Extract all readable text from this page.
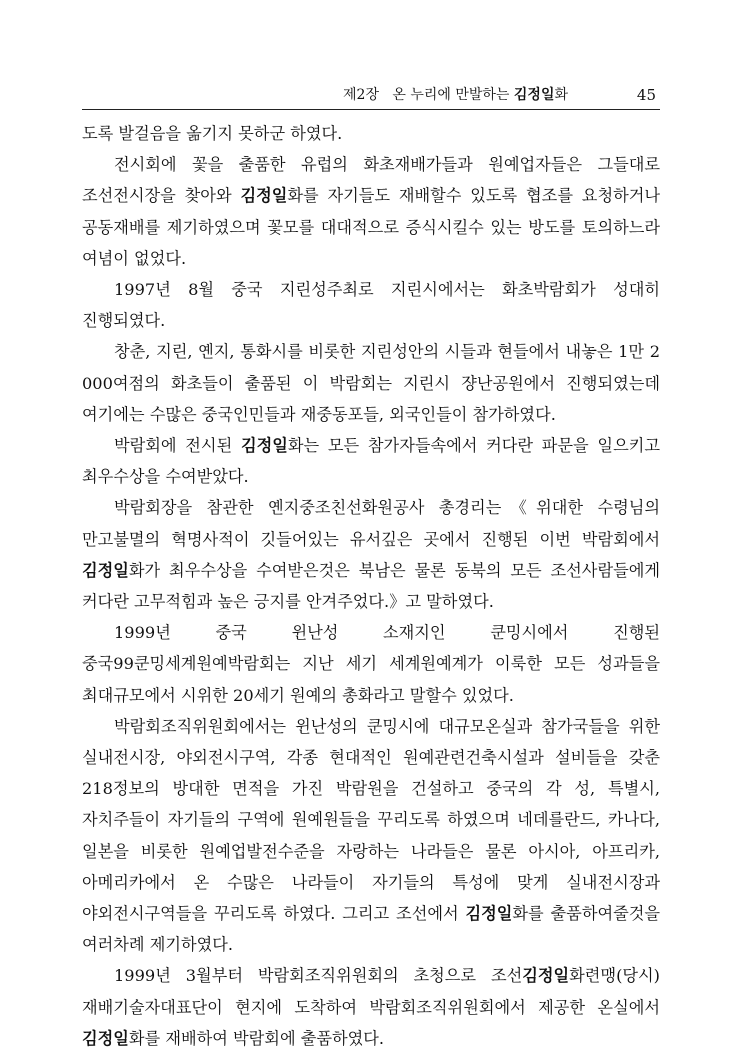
제2장 온 누리에 만발하는 김정일화	45

도록 발걸음을 옮기지 못하군 하였다.

전시회에 꽃을 출품한 유럽의 화초재배가들과 원예업자들은 그들대로 조선전시장을 찾아와 김정일화를 자기들도 재배할수 있도록 협조를 요청하거나 공동재배를 제기하였으며 꽃모를 대대적으로 증식시킬수 있는 방도를 토의하느라 여념이 없었다.

1997년 8월 중국 지린성주최로 지린시에서는 화초박람회가 성대히 진행되였다.

창춘, 지린, 옌지, 통화시를 비롯한 지린성안의 시들과 현들에서 내놓은 1만 2 000여점의 화초들이 출품된 이 박람회는 지린시 쟝난공원에서 진행되였는데 여기에는 수많은 중국인민들과 재중동포들, 외국인들이 참가하였다.

박람회에 전시된 김정일화는 모든 참가자들속에서 커다란 파문을 일으키고 최우수상을 수여받았다.

박람회장을 참관한 옌지중조친선화원공사 총경리는《위대한 수령님의 만고불멸의 혁명사적이 깃들어있는 유서깊은 곳에서 진행된 이번 박람회에서 김정일화가 최우수상을 수여받은것은 북남은 물론 동북의 모든 조선사람들에게 커다란 고무적힘과 높은 긍지를 안겨주었다.》고 말하였다.

1999년 중국 윈난성 소재지인 쿤밍시에서 진행된 중국99쿤밍세계원예박람회는 지난 세기 세계원예계가 이룩한 모든 성과들을 최대규모에서 시위한 20세기 원예의 총화라고 말할수 있었다.

박람회조직위원회에서는 윈난성의 쿤밍시에 대규모온실과 참가국들을 위한 실내전시장, 야외전시구역, 각종 현대적인 원예관련건축시설과 설비들을 갖춘 218정보의 방대한 면적을 가진 박람원을 건설하고 중국의 각 성, 특별시, 자치주들이 자기들의 구역에 원예원들을 꾸리도록 하였으며 네데를란드, 카나다, 일본을 비롯한 원예업발전수준을 자랑하는 나라들은 물론 아시아, 아프리카, 아메리카에서 온 수많은 나라들이 자기들의 특성에 맞게 실내전시장과 야외전시구역들을 꾸리도록 하였다. 그리고 조선에서 김정일화를 출품하여줄것을 여러차례 제기하였다.

1999년 3월부터 박람회조직위원회의 초청으로 조선김정일화련맹(당시)재배기술자대표단이 현지에 도착하여 박람회조직위원회에서 제공한 온실에서 김정일화를 재배하여 박람회에 출품하였다.
